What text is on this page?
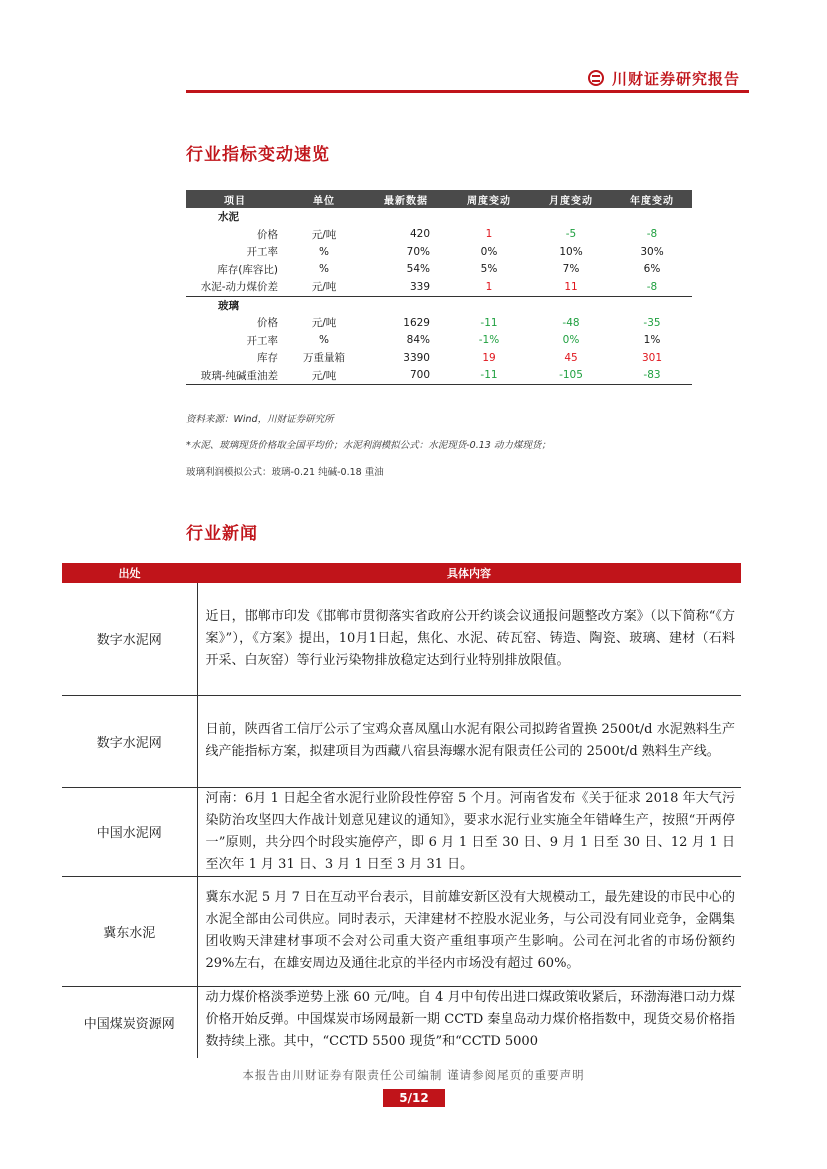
川财证券研究报告
行业指标变动速览
项目	单位	最新数据	周度变动	月度变动	年度变动
水泥					
价格	元/吨	420	1	-5	-8
开工率	%	70%	0%	10%	30%
库存(库容比)	%	54%	5%	7%	6%
水泥-动力煤价差	元/吨	339	1	11	-8
玻璃					
价格	元/吨	1629	-11	-48	-35
开工率	%	84%	-1%	0%	1%
库存	万重量箱	3390	19	45	301
玻璃-纯碱重油差	元/吨	700	-11	-105	-83
资料来源：Wind，川财证券研究所
*水泥、玻璃现货价格取全国平均价；水泥利润模拟公式：水泥现货-0.13 动力煤现货；
玻璃利润模拟公式：玻璃-0.21 纯碱-0.18 重油
行业新闻
出处	具体内容
数字水泥网	近日，邯郸市印发《邯郸市贯彻落实省政府公开约谈会议通报问题整改方案》（以下简称“《方案》”），《方案》提出，10月1日起，焦化、水泥、砖瓦窑、铸造、陶瓷、玻璃、建材（石料开采、白灰窑）等行业污染物排放稳定达到行业特别排放限值。
数字水泥网	日前，陕西省工信厅公示了宝鸡众喜凤凰山水泥有限公司拟跨省置换 2500t/d 水泥熟料生产线产能指标方案，拟建项目为西藏八宿县海螺水泥有限责任公司的 2500t/d 熟料生产线。
中国水泥网	河南：6月 1 日起全省水泥行业阶段性停窑 5 个月。河南省发布《关于征求 2018 年大气污染防治攻坚四大作战计划意见建议的通知》，要求水泥行业实施全年错峰生产，按照“开两停一”原则，共分四个时段实施停产，即 6 月 1 日至 30 日、9 月 1 日至 30 日、12 月 1 日至次年 1 月 31 日、3 月 1 日至 3 月 31 日。
冀东水泥	冀东水泥 5 月 7 日在互动平台表示，目前雄安新区没有大规模动工，最先建设的市民中心的水泥全部由公司供应。同时表示，天津建材不控股水泥业务，与公司没有同业竞争，金隅集团收购天津建材事项不会对公司重大资产重组事项产生影响。公司在河北省的市场份额约 29%左右，在雄安周边及通往北京的半径内市场没有超过 60%。
中国煤炭资源网	动力煤价格淡季逆势上涨 60 元/吨。自 4 月中旬传出进口煤政策收紧后，环渤海港口动力煤价格开始反弹。中国煤炭市场网最新一期 CCTD 秦皇岛动力煤价格指数中，现货交易价格指数持续上涨。其中，“CCTD 5500 现货”和“CCTD 5000
本报告由川财证券有限责任公司编制 谨请参阅尾页的重要声明
5/12
